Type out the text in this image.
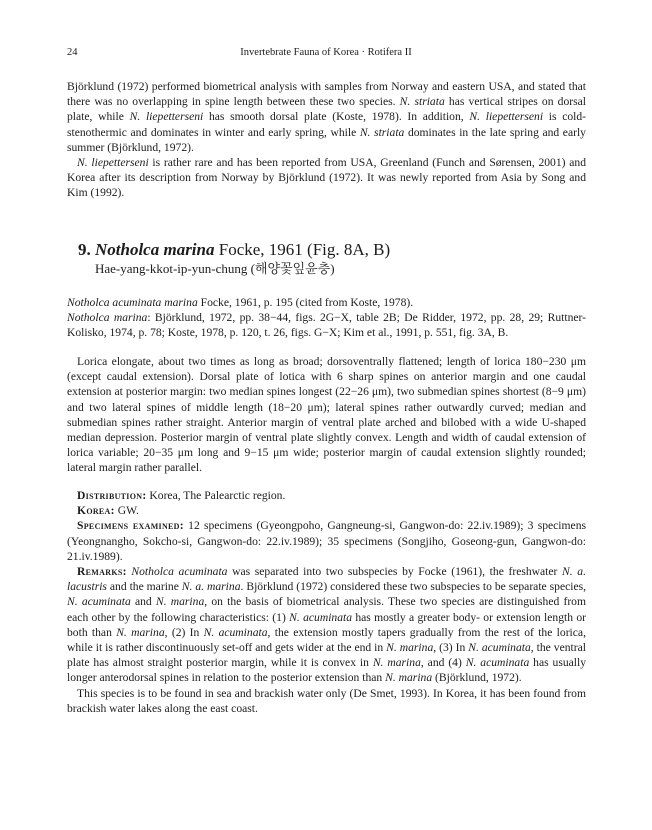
24	Invertebrate Fauna of Korea · Rotifera II

Björklund (1972) performed biometrical analysis with samples from Norway and eastern USA, and stated that there was no overlapping in spine length between these two species. N. striata has vertical stripes on dorsal plate, while N. liepetterseni has smooth dorsal plate (Koste, 1978). In addition, N. liepetterseni is cold-stenothermic and dominates in winter and early spring, while N. striata dominates in the late spring and early summer (Björklund, 1972).

N. liepetterseni is rather rare and has been reported from USA, Greenland (Funch and Sørensen, 2001) and Korea after its description from Norway by Björklund (1972). It was newly reported from Asia by Song and Kim (1992).

9. Notholca marina Focke, 1961 (Fig. 8A, B)
Hae-yang-kkot-ip-yun-chung (해양꽃잎윤충)

Notholca acuminata marina Focke, 1961, p. 195 (cited from Koste, 1978).

Notholca marina: Björklund, 1972, pp. 38−44, figs. 2G−X, table 2B; De Ridder, 1972, pp. 28, 29; Ruttner-Kolisko, 1974, p. 78; Koste, 1978, p. 120, t. 26, figs. G−X; Kim et al., 1991, p. 551, fig. 3A, B.

Lorica elongate, about two times as long as broad; dorsoventrally flattened; length of lorica 180−230 μm (except caudal extension). Dorsal plate of lotica with 6 sharp spines on anterior margin and one caudal extension at posterior margin: two median spines longest (22−26 μm), two submedian spines shortest (8−9 μm) and two lateral spines of middle length (18−20 μm); lateral spines rather outwardly curved; median and submedian spines rather straight. Anterior margin of ventral plate arched and bilobed with a wide U-shaped median depression. Posterior margin of ventral plate slightly convex. Length and width of caudal extension of lorica variable; 20−35 μm long and 9−15 μm wide; posterior margin of caudal extension slightly rounded; lateral margin rather parallel.

Distribution: Korea, The Palearctic region.

Korea: GW.

Specimens examined: 12 specimens (Gyeongpoho, Gangneung-si, Gangwon-do: 22.iv.1989); 3 specimens (Yeongnangho, Sokcho-si, Gangwon-do: 22.iv.1989); 35 specimens (Songjiho, Goseong-gun, Gangwon-do: 21.iv.1989).

Remarks: Notholca acuminata was separated into two subspecies by Focke (1961), the freshwater N. a. lacustris and the marine N. a. marina. Björklund (1972) considered these two subspecies to be separate species, N. acuminata and N. marina, on the basis of biometrical analysis. These two species are distinguished from each other by the following characteristics: (1) N. acuminata has mostly a greater body- or extension length or both than N. marina, (2) In N. acuminata, the extension mostly tapers gradually from the rest of the lorica, while it is rather discontinuously set-off and gets wider at the end in N. marina, (3) In N. acuminata, the ventral plate has almost straight posterior margin, while it is convex in N. marina, and (4) N. acuminata has usually longer anterodorsal spines in relation to the posterior extension than N. marina (Björklund, 1972).

This species is to be found in sea and brackish water only (De Smet, 1993). In Korea, it has been found from brackish water lakes along the east coast.
